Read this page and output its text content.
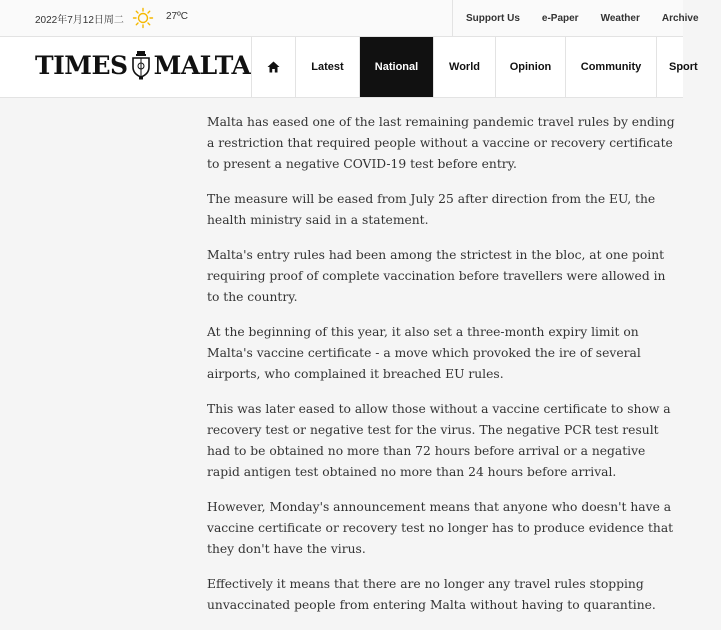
2022年7月12日周二	27ºC	Support Us e-Paper Weather Archive
TIMES MALTA	Latest	National	World	Opinion	Community	Sport

Malta has eased one of the last remaining pandemic travel rules by ending a restriction that required people without a vaccine or recovery certificate to present a negative COVID-19 test before entry.

The measure will be eased from July 25 after direction from the EU, the health ministry said in a statement.

Malta's entry rules had been among the strictest in the bloc, at one point requiring proof of complete vaccination before travellers were allowed in to the country.

At the beginning of this year, it also set a three-month expiry limit on Malta's vaccine certificate - a move which provoked the ire of several airports, who complained it breached EU rules.

This was later eased to allow those without a vaccine certificate to show a recovery test or negative test for the virus. The negative PCR test result had to be obtained no more than 72 hours before arrival or a negative rapid antigen test obtained no more than 24 hours before arrival.

However, Monday's announcement means that anyone who doesn't have a vaccine certificate or recovery test no longer has to produce evidence that they don't have the virus.

Effectively it means that there are no longer any travel rules stopping unvaccinated people from entering Malta without having to quarantine.
